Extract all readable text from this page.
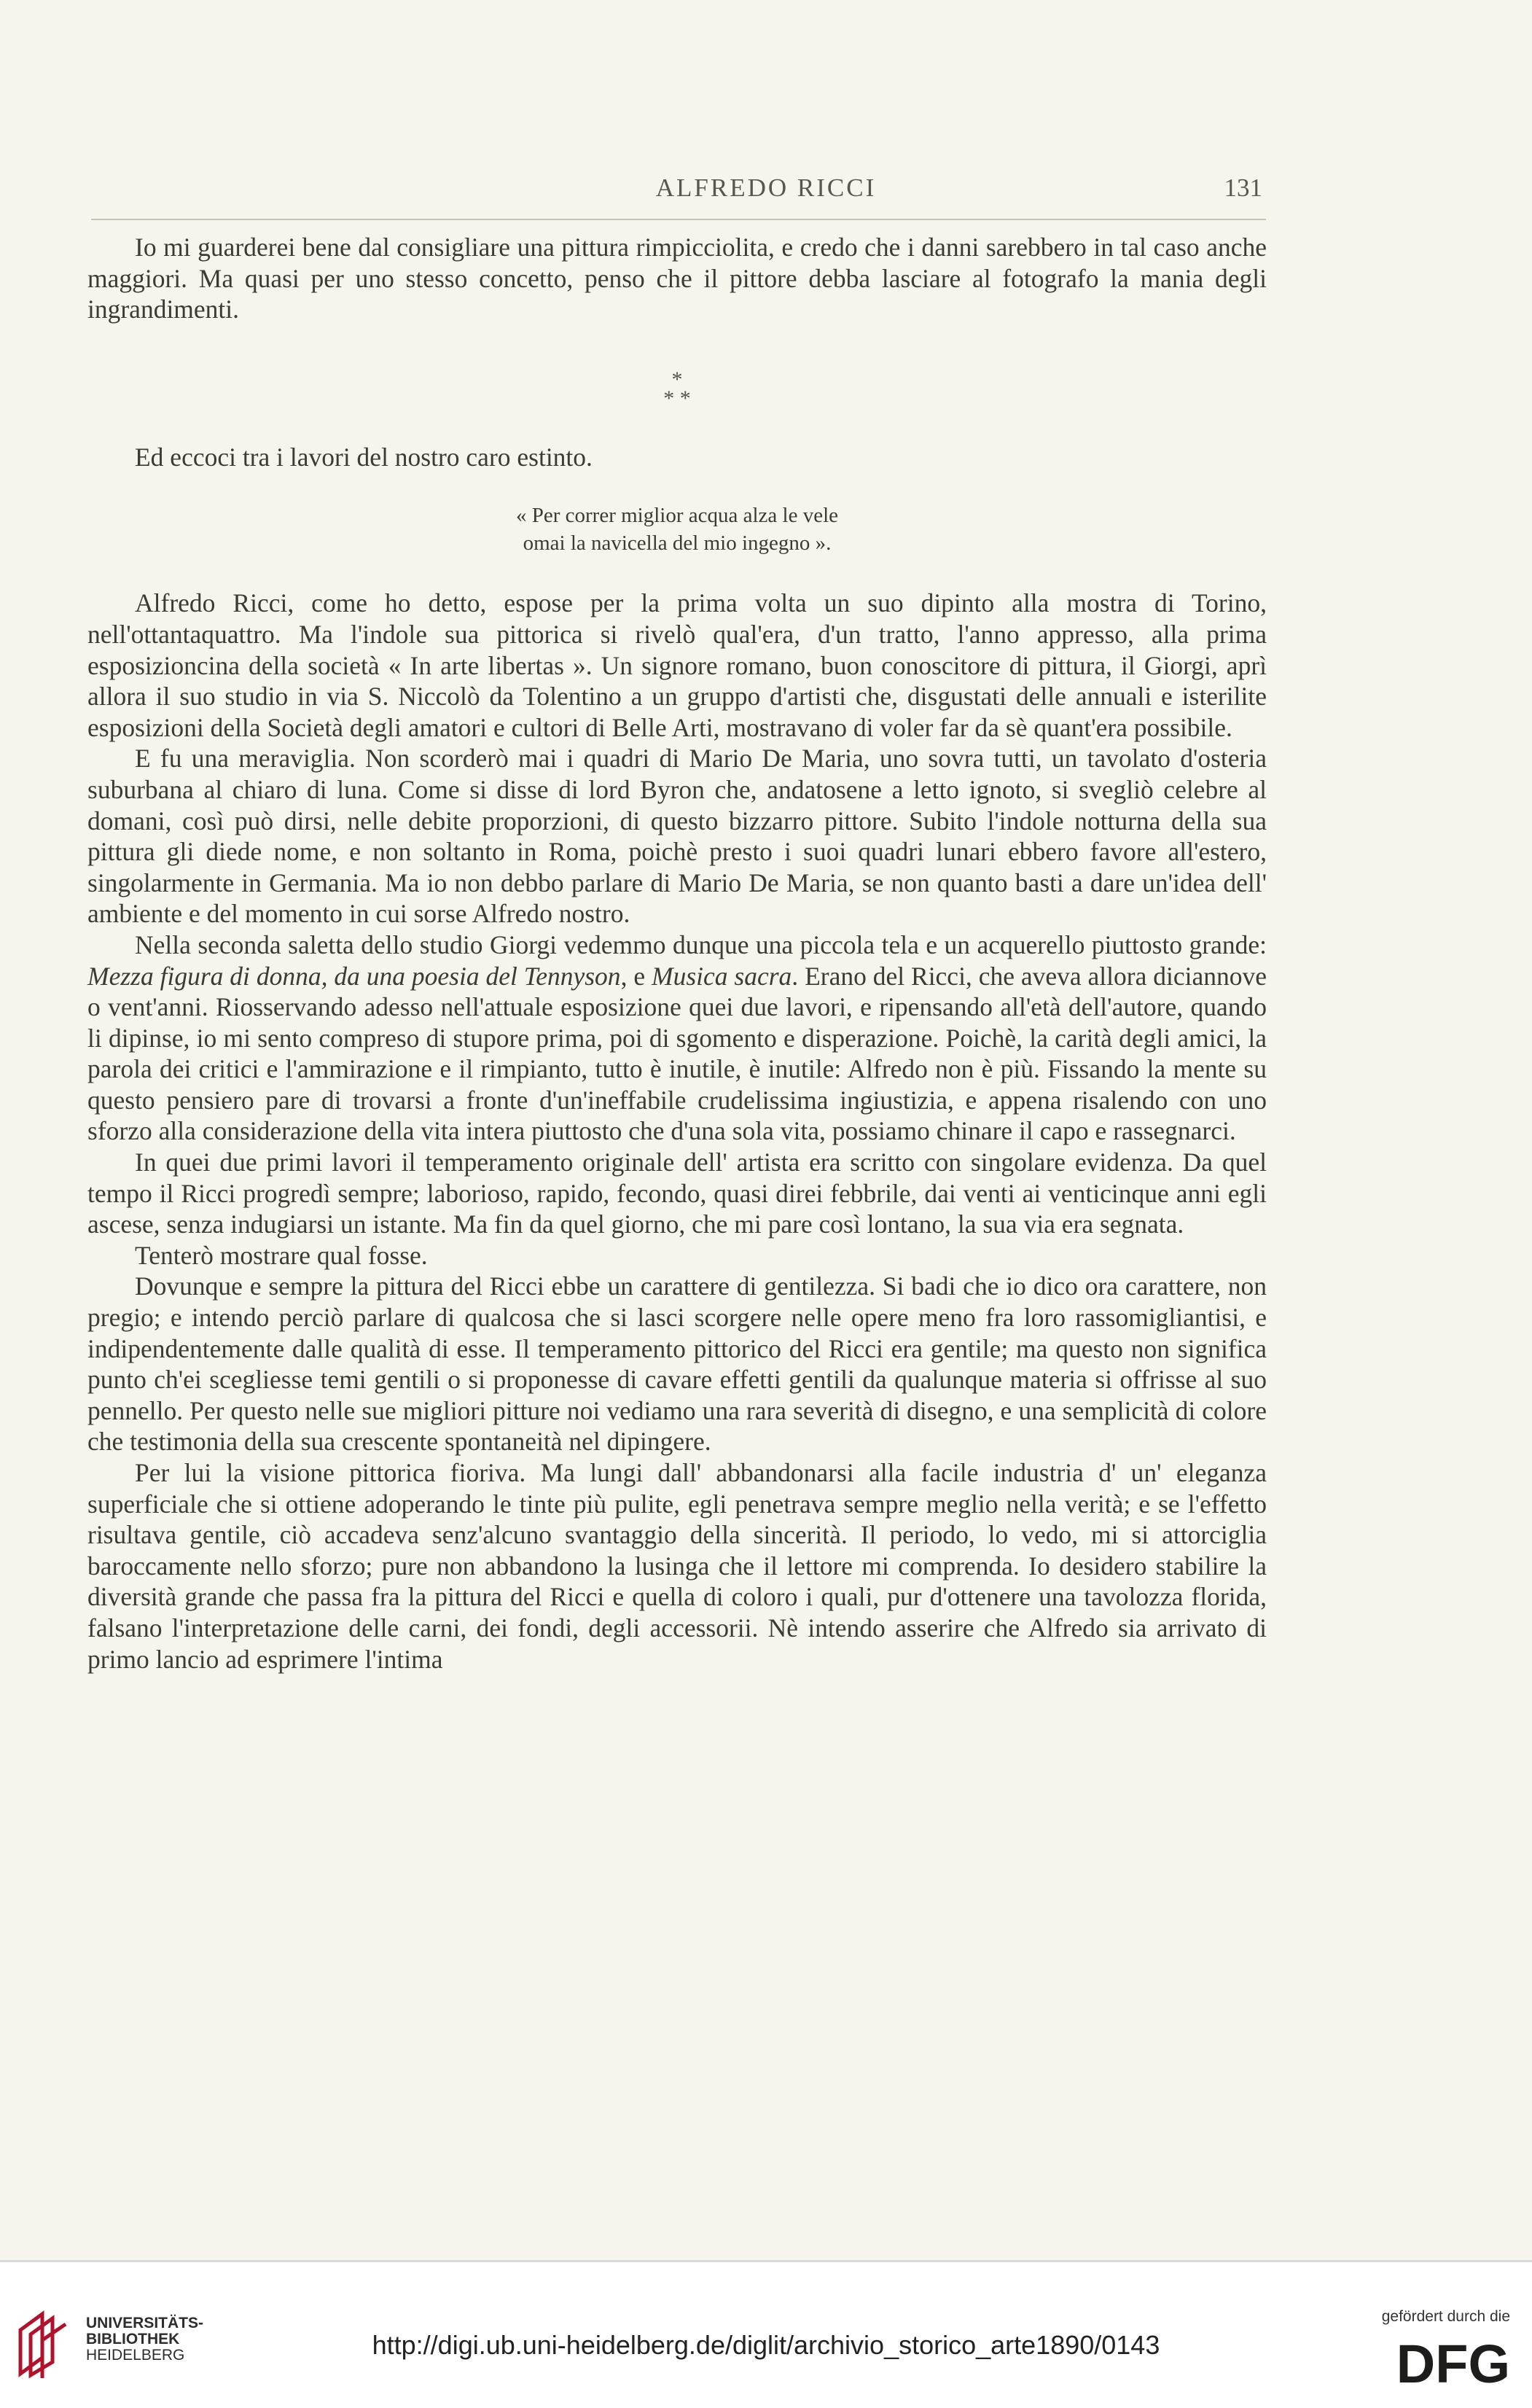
ALFREDO RICCI	131

Io mi guarderei bene dal consigliare una pittura rimpicciolita, e credo che i danni sarebbero in tal caso anche maggiori. Ma quasi per uno stesso concetto, penso che il pittore debba lasciare al fotografo la mania degli ingrandimenti.

*
* *

Ed eccoci tra i lavori del nostro caro estinto.

« Per correr miglior acqua alza le vele
omai la navicella del mio ingegno ».

Alfredo Ricci, come ho detto, espose per la prima volta un suo dipinto alla mostra di Torino, nell'ottantaquattro. Ma l'indole sua pittorica si rivelò qual'era, d'un tratto, l'anno appresso, alla prima esposizioncina della società « In arte libertas ». Un signore romano, buon conoscitore di pittura, il Giorgi, aprì allora il suo studio in via S. Niccolò da Tolentino a un gruppo d'artisti che, disgustati delle annuali e isterilite esposizioni della Società degli amatori e cultori di Belle Arti, mostravano di voler far da sè quant'era possibile.

E fu una meraviglia. Non scorderò mai i quadri di Mario De Maria, uno sovra tutti, un tavolato d'osteria suburbana al chiaro di luna. Come si disse di lord Byron che, andatosene a letto ignoto, si svegliò celebre al domani, così può dirsi, nelle debite proporzioni, di questo bizzarro pittore. Subito l'indole notturna della sua pittura gli diede nome, e non soltanto in Roma, poichè presto i suoi quadri lunari ebbero favore all'estero, singolarmente in Germania. Ma io non debbo parlare di Mario De Maria, se non quanto basti a dare un'idea dell' ambiente e del momento in cui sorse Alfredo nostro.

Nella seconda saletta dello studio Giorgi vedemmo dunque una piccola tela e un acquerello piuttosto grande: Mezza figura di donna, da una poesia del Tennyson, e Musica sacra. Erano del Ricci, che aveva allora diciannove o vent'anni. Riosservando adesso nell'attuale esposizione quei due lavori, e ripensando all'età dell'autore, quando li dipinse, io mi sento compreso di stupore prima, poi di sgomento e disperazione. Poichè, la carità degli amici, la parola dei critici e l'ammirazione e il rimpianto, tutto è inutile, è inutile: Alfredo non è più. Fissando la mente su questo pensiero pare di trovarsi a fronte d'un'ineffabile crudelissima ingiustizia, e appena risalendo con uno sforzo alla considerazione della vita intera piuttosto che d'una sola vita, possiamo chinare il capo e rassegnarci.

In quei due primi lavori il temperamento originale dell' artista era scritto con singolare evidenza. Da quel tempo il Ricci progredì sempre; laborioso, rapido, fecondo, quasi direi febbrile, dai venti ai venticinque anni egli ascese, senza indugiarsi un istante. Ma fin da quel giorno, che mi pare così lontano, la sua via era segnata.

Tenterò mostrare qual fosse.

Dovunque e sempre la pittura del Ricci ebbe un carattere di gentilezza. Si badi che io dico ora carattere, non pregio; e intendo perciò parlare di qualcosa che si lasci scorgere nelle opere meno fra loro rassomigliantisi, e indipendentemente dalle qualità di esse. Il temperamento pittorico del Ricci era gentile; ma questo non significa punto ch'ei scegliesse temi gentili o si proponesse di cavare effetti gentili da qualunque materia si offrisse al suo pennello. Per questo nelle sue migliori pitture noi vediamo una rara severità di disegno, e una semplicità di colore che testimonia della sua crescente spontaneità nel dipingere.

Per lui la visione pittorica fioriva. Ma lungi dall' abbandonarsi alla facile industria d' un' eleganza superficiale che si ottiene adoperando le tinte più pulite, egli penetrava sempre meglio nella verità; e se l'effetto risultava gentile, ciò accadeva senz'alcuno svantaggio della sincerità. Il periodo, lo vedo, mi si attorciglia baroccamente nello sforzo; pure non abbandono la lusinga che il lettore mi comprenda. Io desidero stabilire la diversità grande che passa fra la pittura del Ricci e quella di coloro i quali, pur d'ottenere una tavolozza florida, falsano l'interpretazione delle carni, dei fondi, degli accessorii. Nè intendo asserire che Alfredo sia arrivato di primo lancio ad esprimere l'intima

UNIVERSITÄTS-
BIBLIOTHEK
HEIDELBERG	http://digi.ub.uni-heidelberg.de/diglit/archivio_storico_arte1890/0143
gefördert durch die
DFG
